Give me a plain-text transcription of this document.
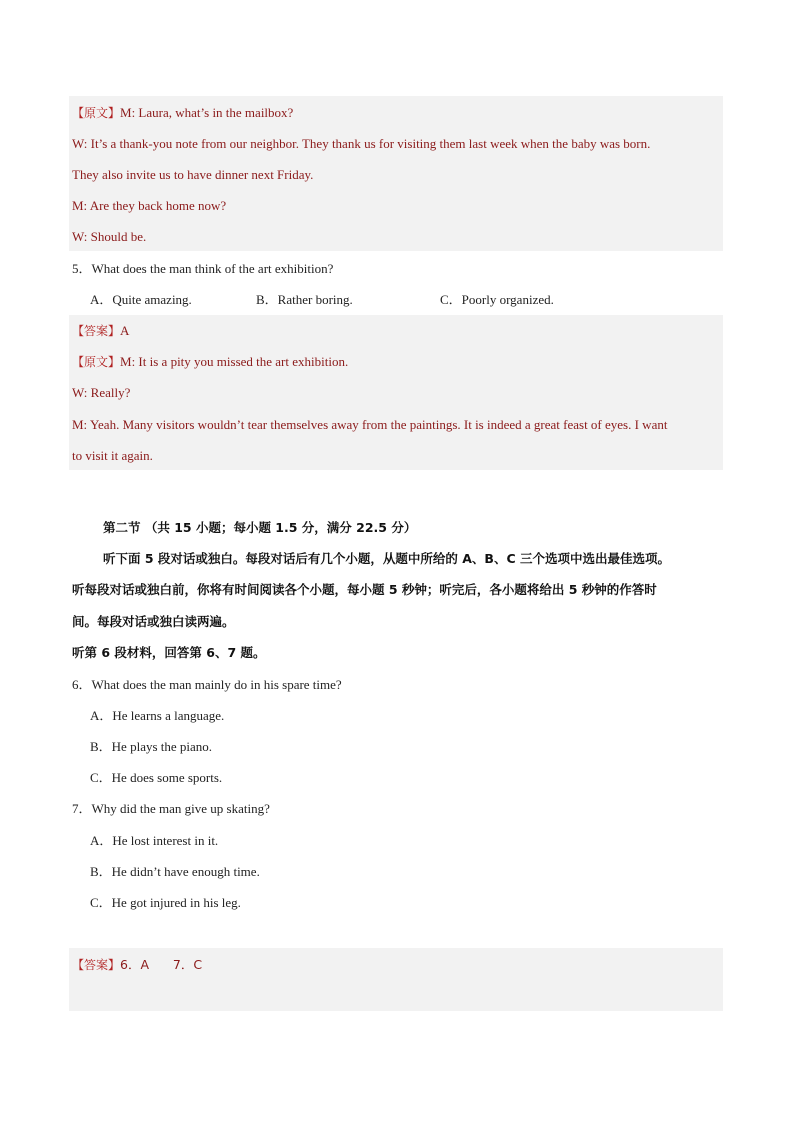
【原文】M: Laura, what’s in the mailbox?
W: It’s a thank-you note from our neighbor. They thank us for visiting them last week when the baby was born.
They also invite us to have dinner next Friday.
M: Are they back home now?
W: Should be.
5．What does the man think of the art exhibition?
A．Quite amazing.	B．Rather boring.	C．Poorly organized.
【答案】A
【原文】M: It is a pity you missed the art exhibition.
W: Really?
M: Yeah. Many visitors wouldn’t tear themselves away from the paintings. It is indeed a great feast of eyes. I want
to visit it again.
第二节 （共 15 小题；每小题 1.5 分，满分 22.5 分）
听下面 5 段对话或独白。每段对话后有几个小题，从题中所给的 A、B、C 三个选项中选出最佳选项。
听每段对话或独白前，你将有时间阅读各个小题，每小题 5 秒钟；听完后，各小题将给出 5 秒钟的作答时
间。每段对话或独白读两遍。
听第 6 段材料，回答第 6、7 题。
6．What does the man mainly do in his spare time?
A．He learns a language.
B．He plays the piano.
C．He does some sports.
7．Why did the man give up skating?
A．He lost interest in it.
B．He didn’t have enough time.
C．He got injured in his leg.
【答案】6．A      7．C
